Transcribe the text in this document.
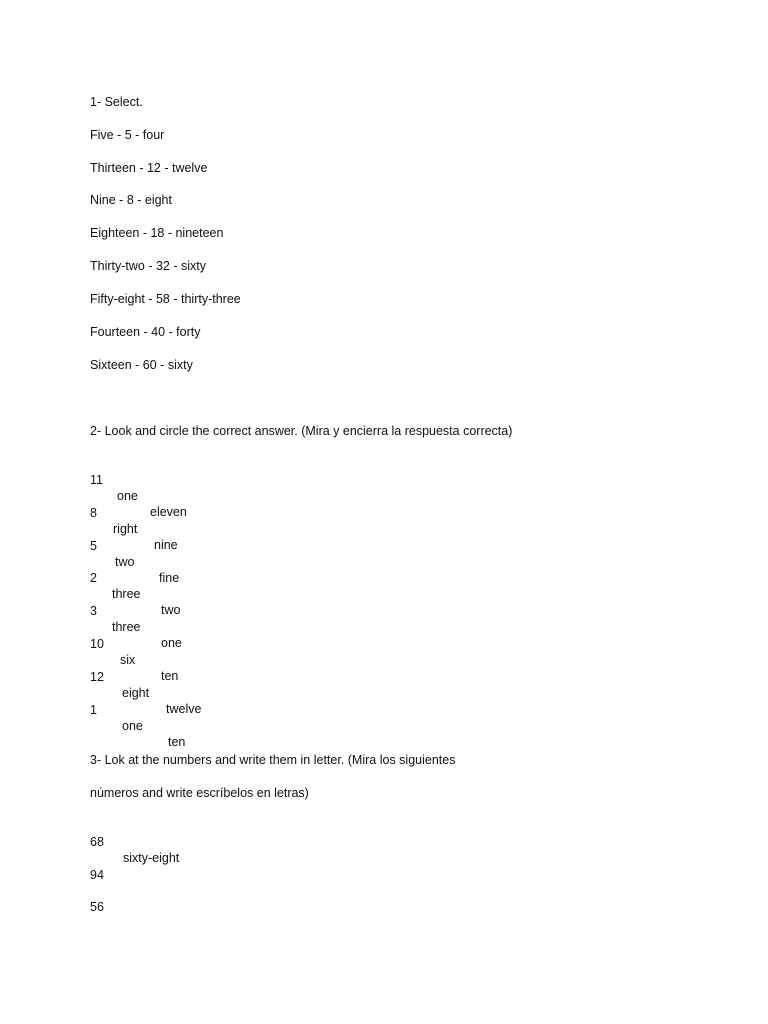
1- Select.
Five - 5 - four
Thirteen - 12 - twelve
Nine - 8 - eight
Eighteen - 18 - nineteen
Thirty-two - 32 - sixty
Fifty-eight - 58 - thirty-three
Fourteen - 40 - forty
Sixteen - 60 - sixty
2- Look and circle the correct answer. (Mira y encierra la respuesta correcta)

11

one

eleven

8

right

nine

5

two

fine

2

three

two

3

three

one

10

six

ten

12

eight

twelve

1

one

ten

3- Lok at the numbers and write them in letter. (Mira los siguientes
números and write escríbelos en letras)

68

sixty-eight

94

56
